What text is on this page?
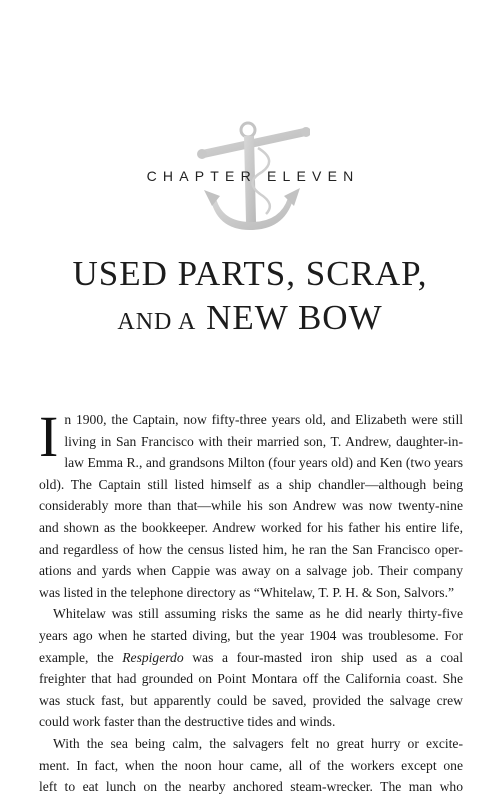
CHAPTER ELEVEN
USED PARTS, SCRAP,
AND A NEW BOW
I n 1900, the Captain, now fifty-three years old, and Elizabeth were still
living in San Francisco with their married son, T. Andrew, daughter-in-
law Emma R., and grandsons Milton (four years old) and Ken (two years
old). The Captain still listed himself as a ship chandler—although being
considerably more than that—while his son Andrew was now twenty-nine
and shown as the bookkeeper. Andrew worked for his father his entire life,
and regardless of how the census listed him, he ran the San Francisco oper-
ations and yards when Cappie was away on a salvage job. Their company
was listed in the telephone directory as “Whitelaw, T. P. H. & Son, Salvors.”
Whitelaw was still assuming risks the same as he did nearly thirty-five
years ago when he started diving, but the year 1904 was troublesome. For
example, the Respigerdo was a four-masted iron ship used as a coal
freighter that had grounded on Point Montara off the California coast. She
was stuck fast, but apparently could be saved, provided the salvage crew
could work faster than the destructive tides and winds.
With the sea being calm, the salvagers felt no great hurry or excite-
ment. In fact, when the noon hour came, all of the workers except one
left to eat lunch on the nearby anchored steam-wrecker. The man who
